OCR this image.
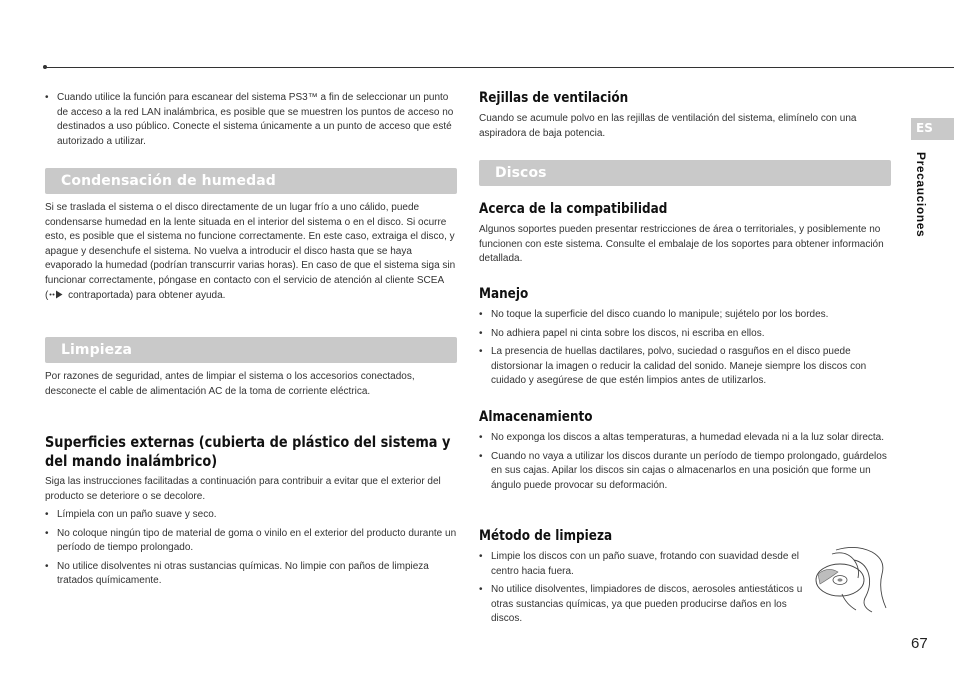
• Cuando utilice la función para escanear del sistema PS3™ a fin de seleccionar un punto de acceso a la red LAN inalámbrica, es posible que se muestren los puntos de acceso no destinados a uso público. Conecte el sistema únicamente a un punto de acceso que esté autorizado a utilizar.
Condensación de humedad
Si se traslada el sistema o el disco directamente de un lugar frío a uno cálido, puede condensarse humedad en la lente situada en el interior del sistema o en el disco. Si ocurre esto, es posible que el sistema no funcione correctamente. En este caso, extraiga el disco, y apague y desenchufe el sistema. No vuelva a introducir el disco hasta que se haya evaporado la humedad (podrían transcurrir varias horas). En caso de que el sistema siga sin funcionar correctamente, póngase en contacto con el servicio de atención al cliente SCEA
( contraportada) para obtener ayuda.
Limpieza
Por razones de seguridad, antes de limpiar el sistema o los accesorios conectados, desconecte el cable de alimentación AC de la toma de corriente eléctrica.
Superficies externas (cubierta de plástico del sistema y del mando inalámbrico)
Siga las instrucciones facilitadas a continuación para contribuir a evitar que el exterior del producto se deteriore o se decolore.
• Límpiela con un paño suave y seco.
• No coloque ningún tipo de material de goma o vinilo en el exterior del producto durante un período de tiempo prolongado.
• No utilice disolventes ni otras sustancias químicas. No limpie con paños de limpieza tratados químicamente.
Rejillas de ventilación
Cuando se acumule polvo en las rejillas de ventilación del sistema, elimínelo con una aspiradora de baja potencia.
Discos
Acerca de la compatibilidad
Algunos soportes pueden presentar restricciones de área o territoriales, y posiblemente no funcionen con este sistema. Consulte el embalaje de los soportes para obtener información detallada.
Manejo
• No toque la superficie del disco cuando lo manipule; sujételo por los bordes.
• No adhiera papel ni cinta sobre los discos, ni escriba en ellos.
• La presencia de huellas dactilares, polvo, suciedad o rasguños en el disco puede distorsionar la imagen o reducir la calidad del sonido. Maneje siempre los discos con cuidado y asegúrese de que estén limpios antes de utilizarlos.
Almacenamiento
• No exponga los discos a altas temperaturas, a humedad elevada ni a la luz solar directa.
• Cuando no vaya a utilizar los discos durante un período de tiempo prolongado, guárdelos en sus cajas. Apilar los discos sin cajas o almacenarlos en una posición que forme un ángulo puede provocar su deformación.
Método de limpieza
• Limpie los discos con un paño suave, frotando con suavidad desde el centro hacia fuera.
• No utilice disolventes, limpiadores de discos, aerosoles antiestáticos u otras sustancias químicas, ya que pueden producirse daños en los discos.
ES
Precauciones
67
